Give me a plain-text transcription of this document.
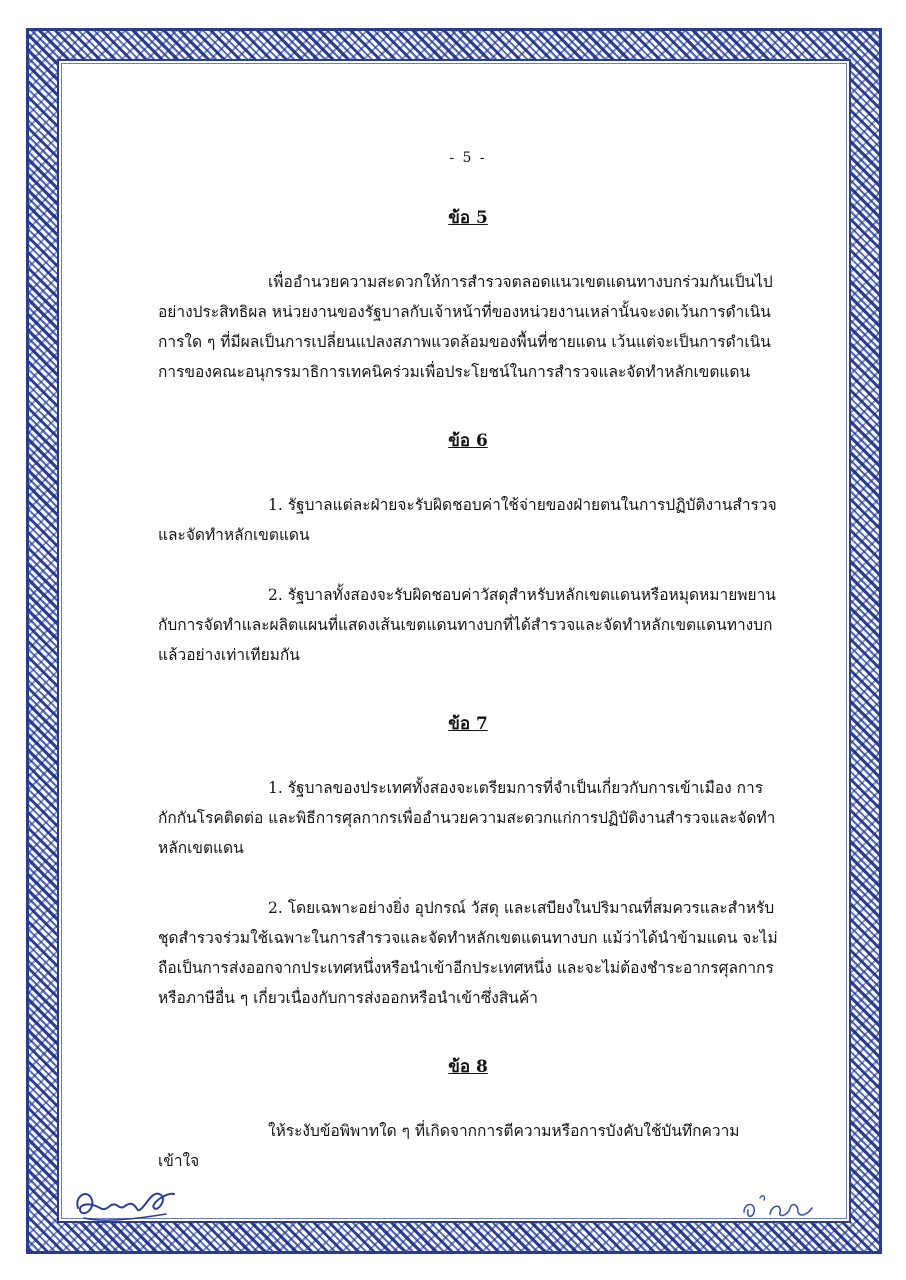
- 5 -
ข้อ 5

เพื่ออำนวยความสะดวกให้การสำรวจตลอดแนวเขตแดนทางบกร่วมกันเป็นไปอย่างประสิทธิผล หน่วยงานของรัฐบาลกับเจ้าหน้าที่ของหน่วยงานเหล่านั้นจะงดเว้นการดำเนินการใด ๆ ที่มีผลเป็นการเปลี่ยนแปลงสภาพแวดล้อมของพื้นที่ชายแดน เว้นแต่จะเป็นการดำเนินการของคณะอนุกรรมาธิการเทคนิคร่วมเพื่อประโยชน์ในการสำรวจและจัดทำหลักเขตแดน

ข้อ 6

1. รัฐบาลแต่ละฝ่ายจะรับผิดชอบค่าใช้จ่ายของฝ่ายตนในการปฏิบัติงานสำรวจและจัดทำหลักเขตแดน

2. รัฐบาลทั้งสองจะรับผิดชอบค่าวัสดุสำหรับหลักเขตแดนหรือหมุดหมายพยานกับการจัดทำและผลิตแผนที่แสดงเส้นเขตแดนทางบกที่ได้สำรวจและจัดทำหลักเขตแดนทางบกแล้วอย่างเท่าเทียมกัน

ข้อ 7

1. รัฐบาลของประเทศทั้งสองจะเตรียมการที่จำเป็นเกี่ยวกับการเข้าเมือง การกักกันโรคติดต่อ และพิธีการศุลกากรเพื่ออำนวยความสะดวกแก่การปฏิบัติงานสำรวจและจัดทำหลักเขตแดน

2. โดยเฉพาะอย่างยิ่ง อุปกรณ์ วัสดุ และเสบียงในปริมาณที่สมควรและสำหรับชุดสำรวจร่วมใช้เฉพาะในการสำรวจและจัดทำหลักเขตแดนทางบก แม้ว่าได้นำข้ามแดน จะไม่ถือเป็นการส่งออกจากประเทศหนึ่งหรือนำเข้าอีกประเทศหนึ่ง และจะไม่ต้องชำระอากรศุลกากรหรือภาษีอื่น ๆ เกี่ยวเนื่องกับการส่งออกหรือนำเข้าซึ่งสินค้า

ข้อ 8

ให้ระงับข้อพิพาทใด ๆ ที่เกิดจากการตีความหรือการบังคับใช้บันทึกความเข้าใจ
